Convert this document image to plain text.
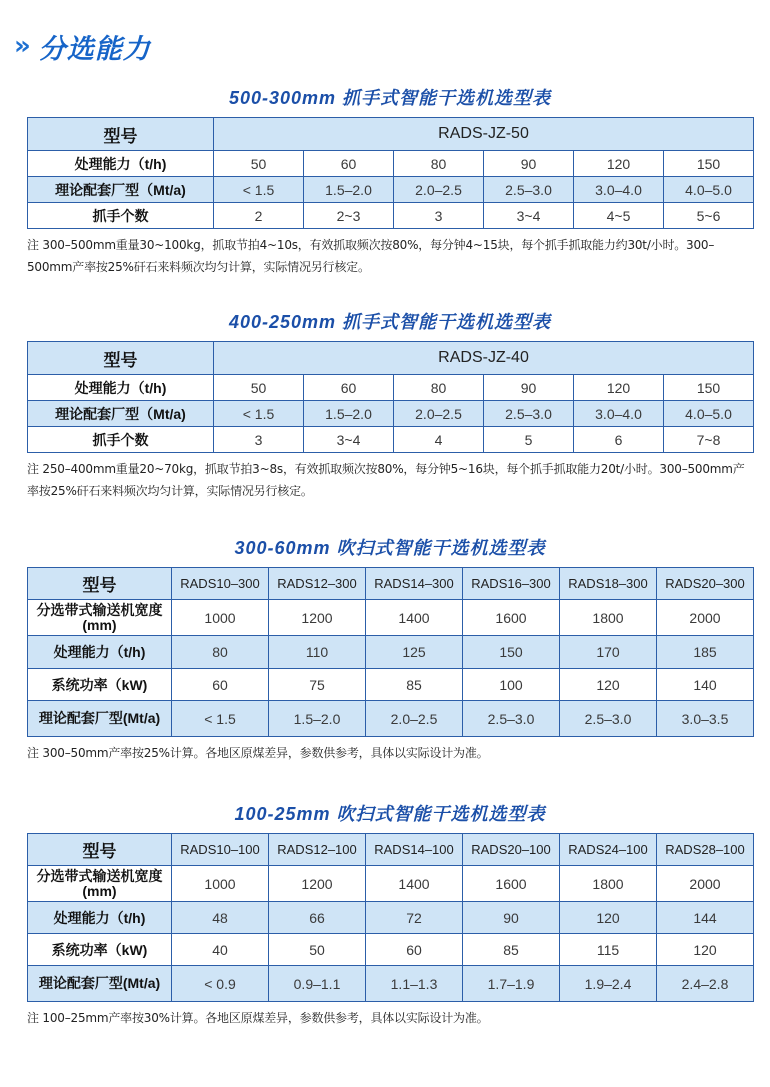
» 分选能力
500-300mm 抓手式智能干选机选型表
型号	RADS-JZ-50					
处理能力（t/h)	50	60	80	90	120	150
理论配套厂型（Mt/a)	< 1.5	1.5–2.0	2.0–2.5	2.5–3.0	3.0–4.0	4.0–5.0
抓手个数	2	2~3	3	3~4	4~5	5~6
注 300–500mm重量30~100kg，抓取节拍4~10s，有效抓取频次按80%，每分钟4~15块，每个抓手抓取能力约30t/小时。300–500mm产率按25%矸石来料频次均匀计算，实际情况另行核定。
400-250mm 抓手式智能干选机选型表
型号	RADS-JZ-40					
处理能力（t/h)	50	60	80	90	120	150
理论配套厂型（Mt/a)	< 1.5	1.5–2.0	2.0–2.5	2.5–3.0	3.0–4.0	4.0–5.0
抓手个数	3	3~4	4	5	6	7~8
注 250–400mm重量20~70kg，抓取节拍3~8s，有效抓取频次按80%，每分钟5~16块，每个抓手抓取能力20t/小时。300–500mm产率按25%矸石来料频次均匀计算，实际情况另行核定。
300-60mm 吹扫式智能干选机选型表
型号	RADS10–300	RADS12–300	RADS14–300	RADS16–300	RADS18–300	RADS20–300
分选带式输送机宽度(mm)	1000	1200	1400	1600	1800	2000
处理能力（t/h)	80	110	125	150	170	185
系统功率（kW)	60	75	85	100	120	140
理论配套厂型(Mt/a)	< 1.5	1.5–2.0	2.0–2.5	2.5–3.0	2.5–3.0	3.0–3.5
注 300–50mm产率按25%计算。各地区原煤差异，参数供参考，具体以实际设计为准。
100-25mm 吹扫式智能干选机选型表
型号	RADS10–100	RADS12–100	RADS14–100	RADS20–100	RADS24–100	RADS28–100
分选带式输送机宽度(mm)	1000	1200	1400	1600	1800	2000
处理能力（t/h)	48	66	72	90	120	144
系统功率（kW)	40	50	60	85	115	120
理论配套厂型(Mt/a)	< 0.9	0.9–1.1	1.1–1.3	1.7–1.9	1.9–2.4	2.4–2.8
注 100–25mm产率按30%计算。各地区原煤差异，参数供参考，具体以实际设计为准。
